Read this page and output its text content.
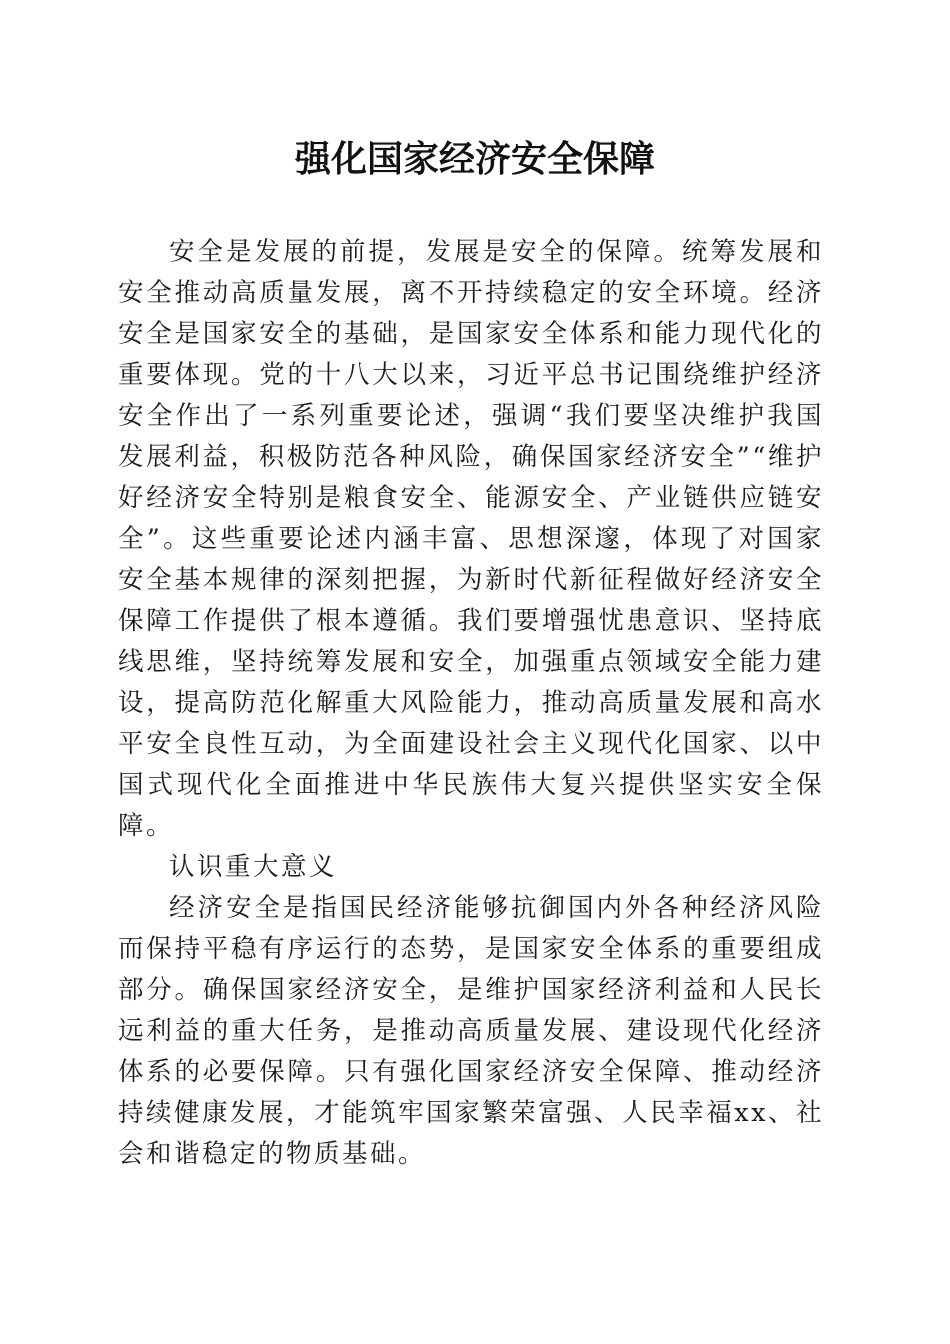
强化国家经济安全保障

安全是发展的前提，发展是安全的保障。统筹发展和安全推动高质量发展，离不开持续稳定的安全环境。经济安全是国家安全的基础，是国家安全体系和能力现代化的重要体现。党的十八大以来，习近平总书记围绕维护经济安全作出了一系列重要论述，强调“我们要坚决维护我国发展利益，积极防范各种风险，确保国家经济安全”“维护好经济安全特别是粮食安全、能源安全、产业链供应链安全”。这些重要论述内涵丰富、思想深邃，体现了对国家安全基本规律的深刻把握，为新时代新征程做好经济安全保障工作提供了根本遵循。我们要增强忧患意识、坚持底线思维，坚持统筹发展和安全，加强重点领域安全能力建设，提高防范化解重大风险能力，推动高质量发展和高水平安全良性互动，为全面建设社会主义现代化国家、以中国式现代化全面推进中华民族伟大复兴提供坚实安全保障。

认识重大意义

经济安全是指国民经济能够抗御国内外各种经济风险而保持平稳有序运行的态势，是国家安全体系的重要组成部分。确保国家经济安全，是维护国家经济利益和人民长远利益的重大任务，是推动高质量发展、建设现代化经济体系的必要保障。只有强化国家经济安全保障、推动经济持续健康发展，才能筑牢国家繁荣富强、人民幸福xx、社会和谐稳定的物质基础。
